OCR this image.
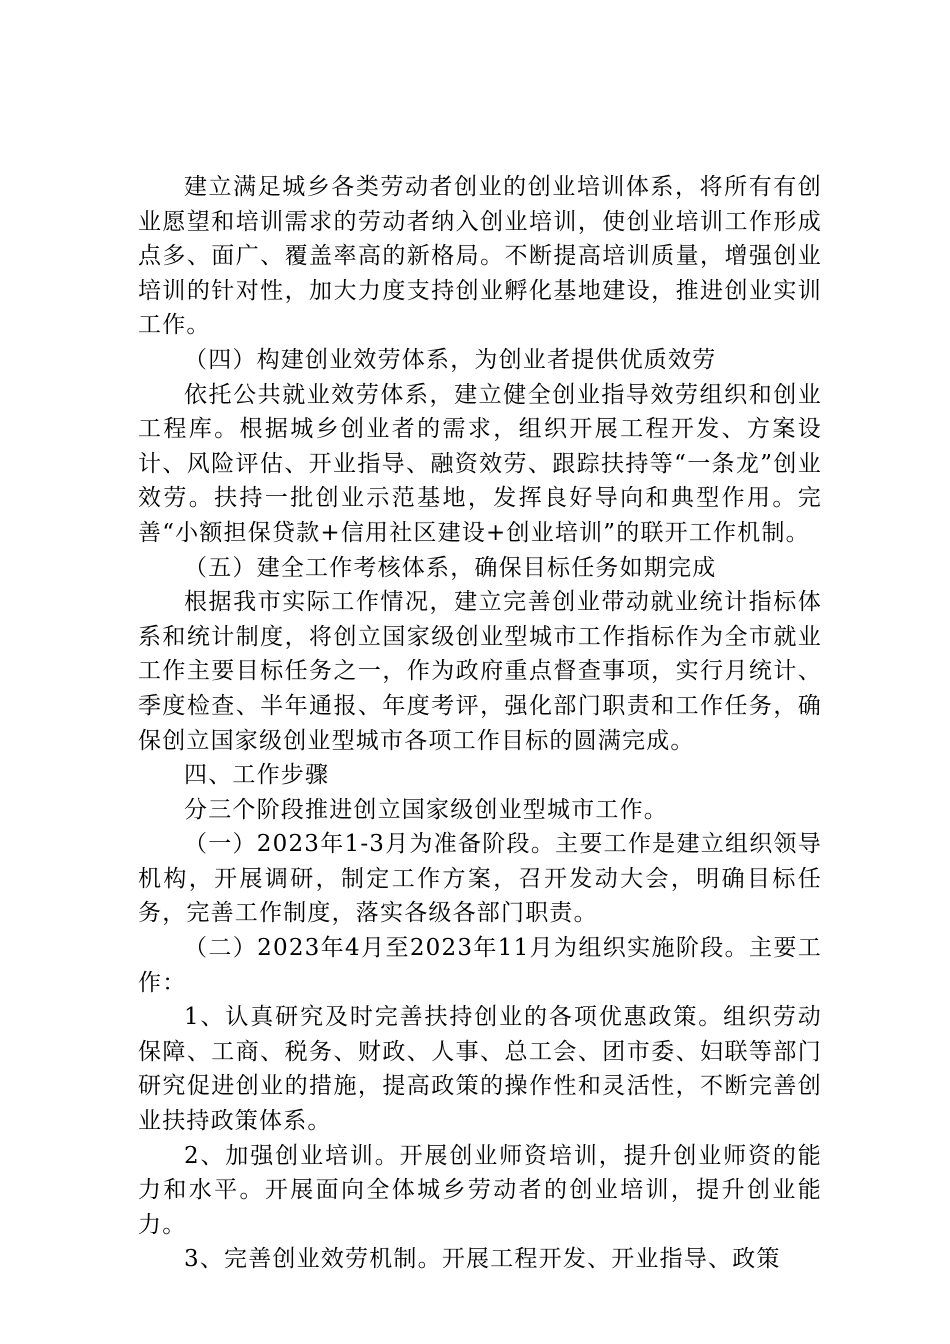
建立满足城乡各类劳动者创业的创业培训体系，将所有有创业愿望和培训需求的劳动者纳入创业培训，使创业培训工作形成点多、面广、覆盖率高的新格局。不断提高培训质量，增强创业培训的针对性，加大力度支持创业孵化基地建设，推进创业实训工作。

（四）构建创业效劳体系，为创业者提供优质效劳

依托公共就业效劳体系，建立健全创业指导效劳组织和创业工程库。根据城乡创业者的需求，组织开展工程开发、方案设计、风险评估、开业指导、融资效劳、跟踪扶持等“一条龙”创业效劳。扶持一批创业示范基地，发挥良好导向和典型作用。完善“小额担保贷款+信用社区建设+创业培训”的联开工作机制。

（五）建全工作考核体系，确保目标任务如期完成

根据我市实际工作情况，建立完善创业带动就业统计指标体系和统计制度，将创立国家级创业型城市工作指标作为全市就业工作主要目标任务之一，作为政府重点督查事项，实行月统计、季度检查、半年通报、年度考评，强化部门职责和工作任务，确保创立国家级创业型城市各项工作目标的圆满完成。

四、工作步骤

分三个阶段推进创立国家级创业型城市工作。

（一）2023年1-3月为准备阶段。主要工作是建立组织领导机构，开展调研，制定工作方案，召开发动大会，明确目标任务，完善工作制度，落实各级各部门职责。

（二）2023年4月至2023年11月为组织实施阶段。主要工作：

1、认真研究及时完善扶持创业的各项优惠政策。组织劳动保障、工商、税务、财政、人事、总工会、团市委、妇联等部门研究促进创业的措施，提高政策的操作性和灵活性，不断完善创业扶持政策体系。

2、加强创业培训。开展创业师资培训，提升创业师资的能力和水平。开展面向全体城乡劳动者的创业培训，提升创业能力。

3、完善创业效劳机制。开展工程开发、开业指导、政策
